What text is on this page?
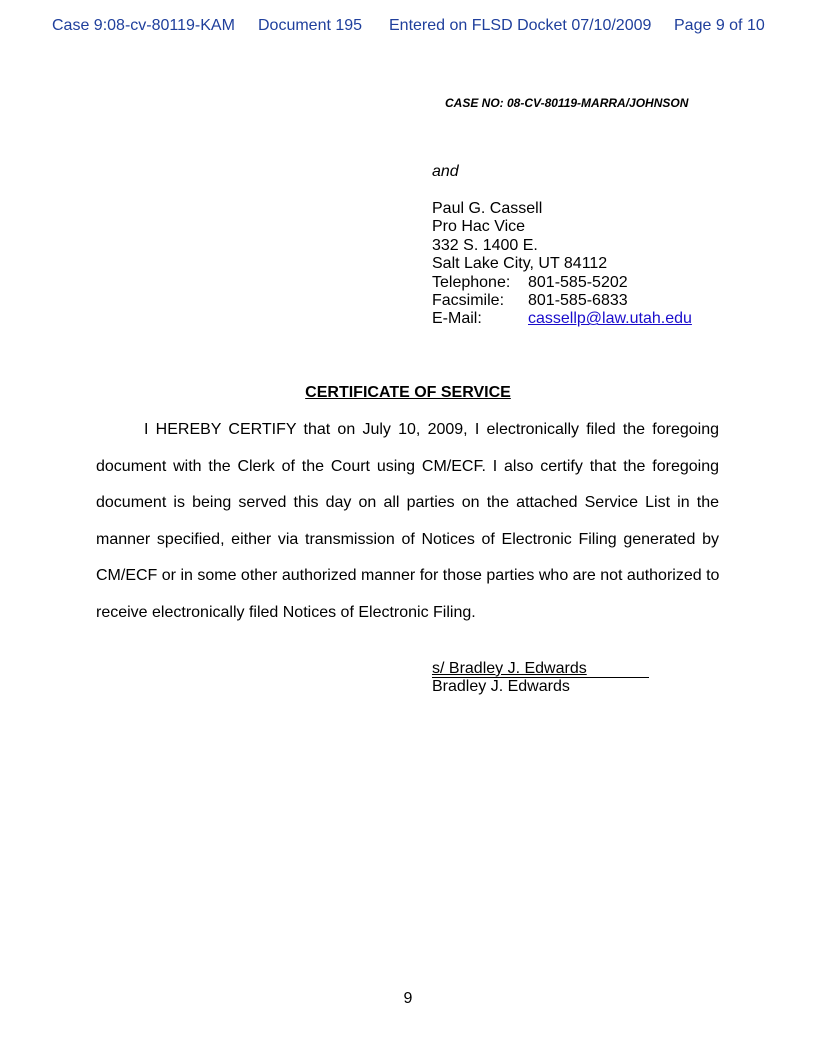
Case 9:08-cv-80119-KAM Document 195 Entered on FLSD Docket 07/10/2009 Page 9 of 10
CASE NO: 08-CV-80119-MARRA/JOHNSON
and
Paul G. Cassell
Pro Hac Vice
332 S. 1400 E.
Salt Lake City, UT 84112
Telephone: 801-585-5202
Facsimile: 801-585-6833
E-Mail:	cassellp@law.utah.edu
CERTIFICATE OF SERVICE
I HEREBY CERTIFY that on July 10, 2009, I electronically filed the foregoing
document with the Clerk of the Court using CM/ECF. I also certify that the foregoing
document is being served this day on all parties on the attached Service List in the
manner specified, either via transmission of Notices of Electronic Filing generated by
CM/ECF or in some other authorized manner for those parties who are not authorized to
receive electronically filed Notices of Electronic Filing.
s/ Bradley J. Edwards
Bradley J. Edwards
9
